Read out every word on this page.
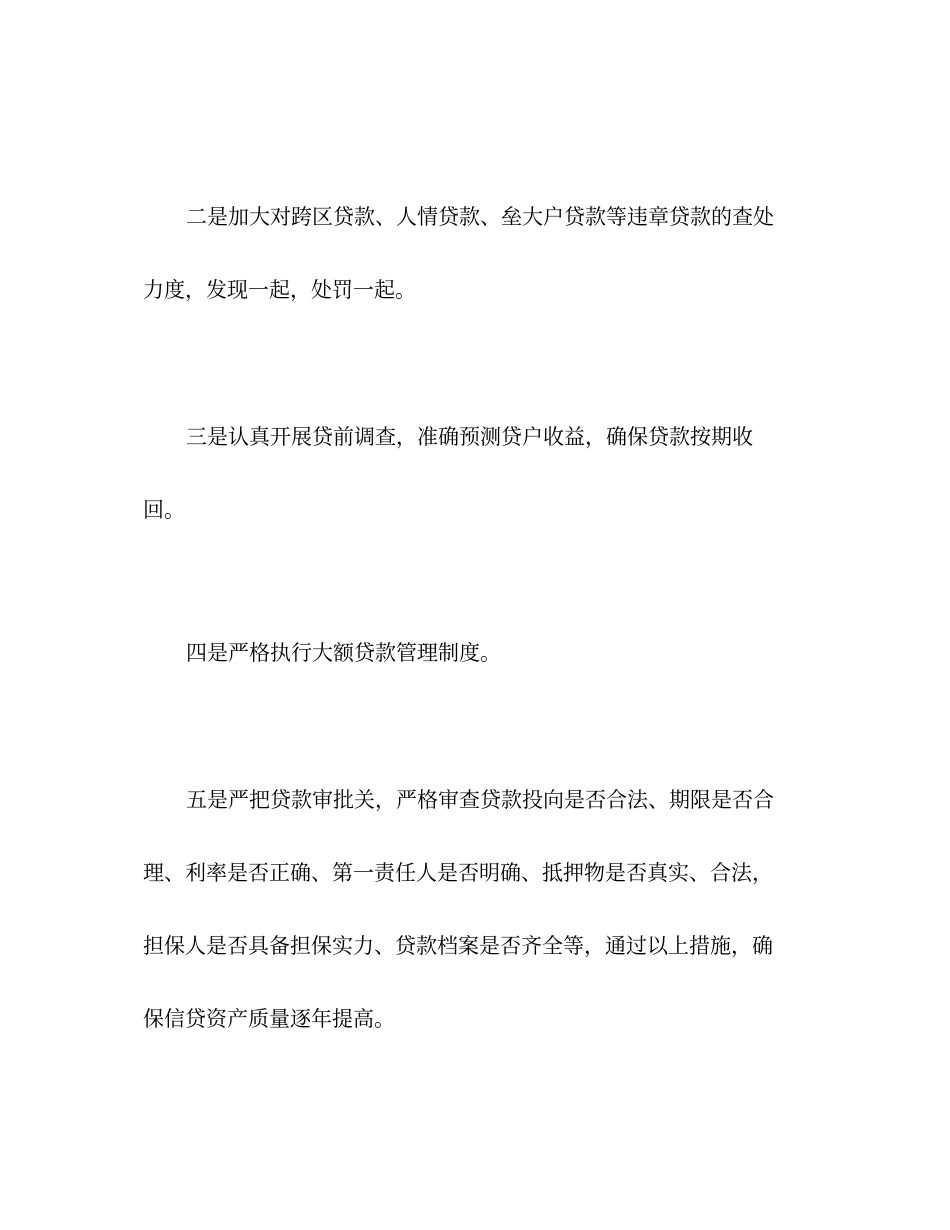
二是加大对跨区贷款、人情贷款、垒大户贷款等违章贷款的查处
力度，发现一起，处罚一起。

三是认真开展贷前调查，准确预测贷户收益，确保贷款按期收
回。

四是严格执行大额贷款管理制度。

五是严把贷款审批关，严格审查贷款投向是否合法、期限是否合
理、利率是否正确、第一责任人是否明确、抵押物是否真实、合法，
担保人是否具备担保实力、贷款档案是否齐全等，通过以上措施，确
保信贷资产质量逐年提高。
